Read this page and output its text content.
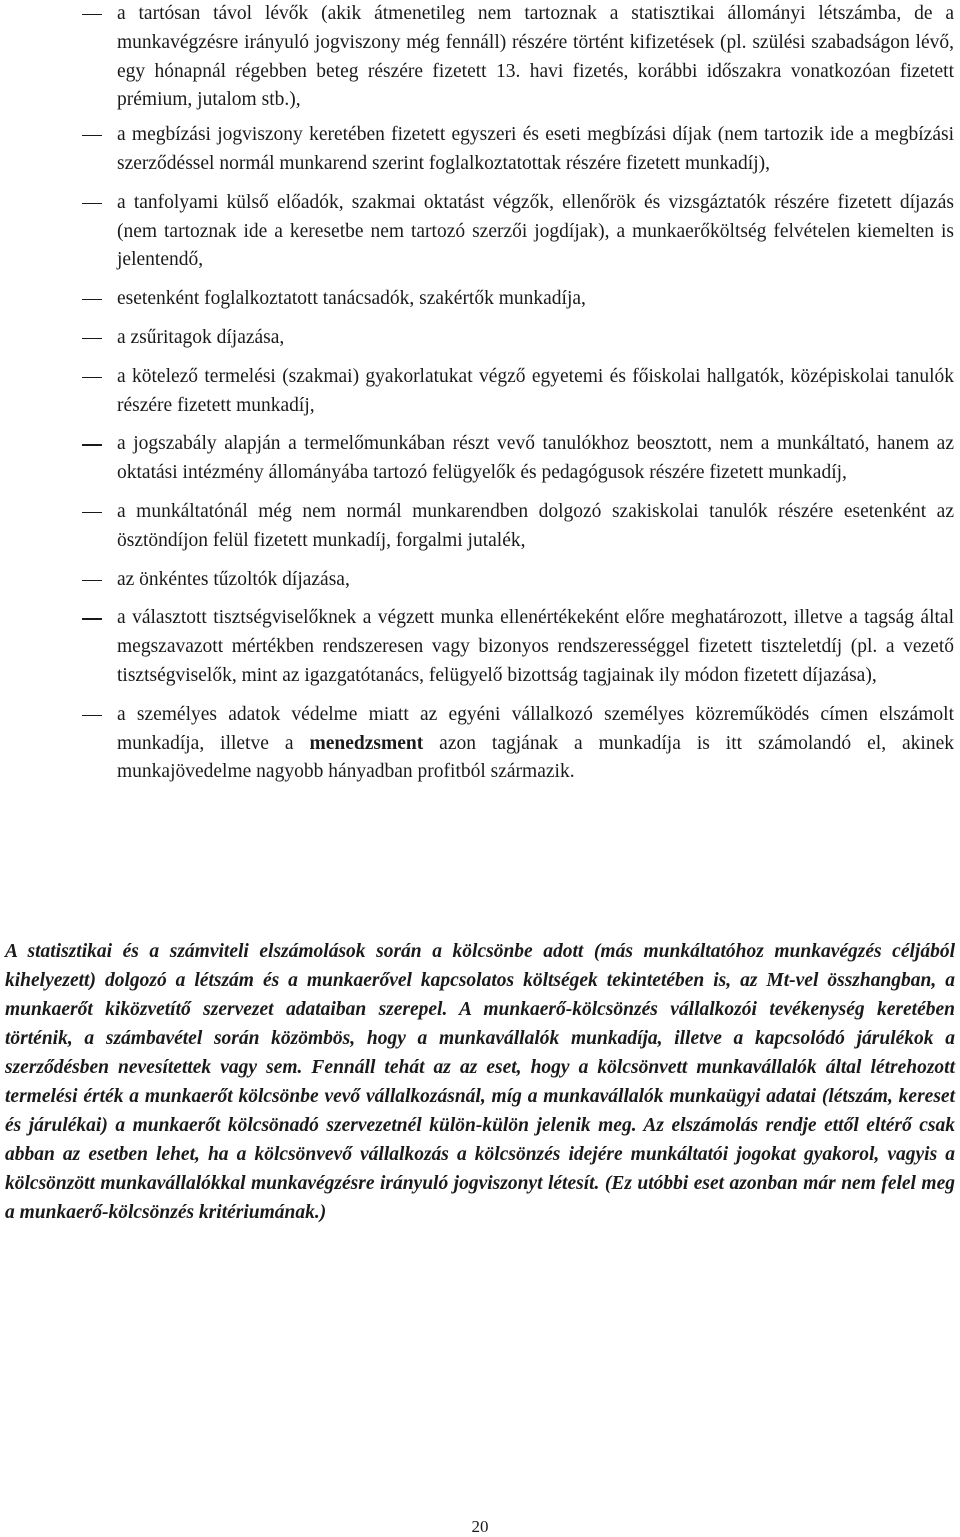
a tartósan távol lévők (akik átmenetileg nem tartoznak a statisztikai állományi létszámba, de a munkavégzésre irányuló jogviszony még fennáll) részére történt kifizetések (pl. szülési szabadságon lévő, egy hónapnál régebben beteg részére fizetett 13. havi fizetés, korábbi időszakra vonatkozóan fizetett prémium, jutalom stb.),
a megbízási jogviszony keretében fizetett egyszeri és eseti megbízási díjak (nem tartozik ide a megbízási szerződéssel normál munkarend szerint foglalkoztatottak részére fizetett munkadíj),
a tanfolyami külső előadók, szakmai oktatást végzők, ellenőrök és vizsgáztatók részére fizetett díjazás (nem tartoznak ide a keresetbe nem tartozó szerzői jogdíjak), a munkaerőköltség felvételen kiemelten is jelentendő,
esetenként foglalkoztatott tanácsadók, szakértők munkadíja,
a zsűritagok díjazása,
a kötelező termelési (szakmai) gyakorlatukat végző egyetemi és főiskolai hallgatók, középiskolai tanulók részére fizetett munkadíj,
a jogszabály alapján a termelőmunkában részt vevő tanulókhoz beosztott, nem a munkáltató, hanem az oktatási intézmény állományába tartozó felügyelők és pedagógusok részére fizetett munkadíj,
a munkáltatónál még nem normál munkarendben dolgozó szakiskolai tanulók részére esetenként az ösztöndíjon felül fizetett munkadíj, forgalmi jutalék,
az önkéntes tűzoltók díjazása,
a választott tisztségviselőknek a végzett munka ellenértékeként előre meghatározott, illetve a tagság által megszavazott mértékben rendszeresen vagy bizonyos rendszerességgel fizetett tiszteletdíj (pl. a vezető tisztségviselők, mint az igazgatótanács, felügyelő bizottság tagjainak ily módon fizetett díjazása),
a személyes adatok védelme miatt az egyéni vállalkozó személyes közreműködés címen elszámolt munkadíja, illetve a menedzsment azon tagjának a munkadíja is itt számolandó el, akinek munkajövedelme nagyobb hányadban profitból származik.

A statisztikai és a számviteli elszámolások során a kölcsönbe adott (más munkáltatóhoz munkavégzés céljából kihelyezett) dolgozó a létszám és a munkaerővel kapcsolatos költségek tekintetében is, az Mt-vel összhangban, a munkaerőt kiközvetítő szervezet adataiban szerepel. A munkaerő-kölcsönzés vállalkozói tevékenység keretében történik, a számbavétel során közömbös, hogy a munkavállalók munkadíja, illetve a kapcsolódó járulékok a szerződésben nevesítettek vagy sem. Fennáll tehát az az eset, hogy a kölcsönvett munkavállalók által létrehozott termelési érték a munkaerőt kölcsönbe vevő vállalkozásnál, míg a munkavállalók munkaügyi adatai (létszám, kereset és járulékai) a munkaerőt kölcsönadó szervezetnél külön-külön jelenik meg. Az elszámolás rendje ettől eltérő csak abban az esetben lehet, ha a kölcsönvevő vállalkozás a kölcsönzés idejére munkáltatói jogokat gyakorol, vagyis a kölcsönzött munkavállalókkal munkavégzésre irányuló jogviszonyt létesít. (Ez utóbbi eset azonban már nem felel meg a munkaerő-kölcsönzés kritériumának.)

20
